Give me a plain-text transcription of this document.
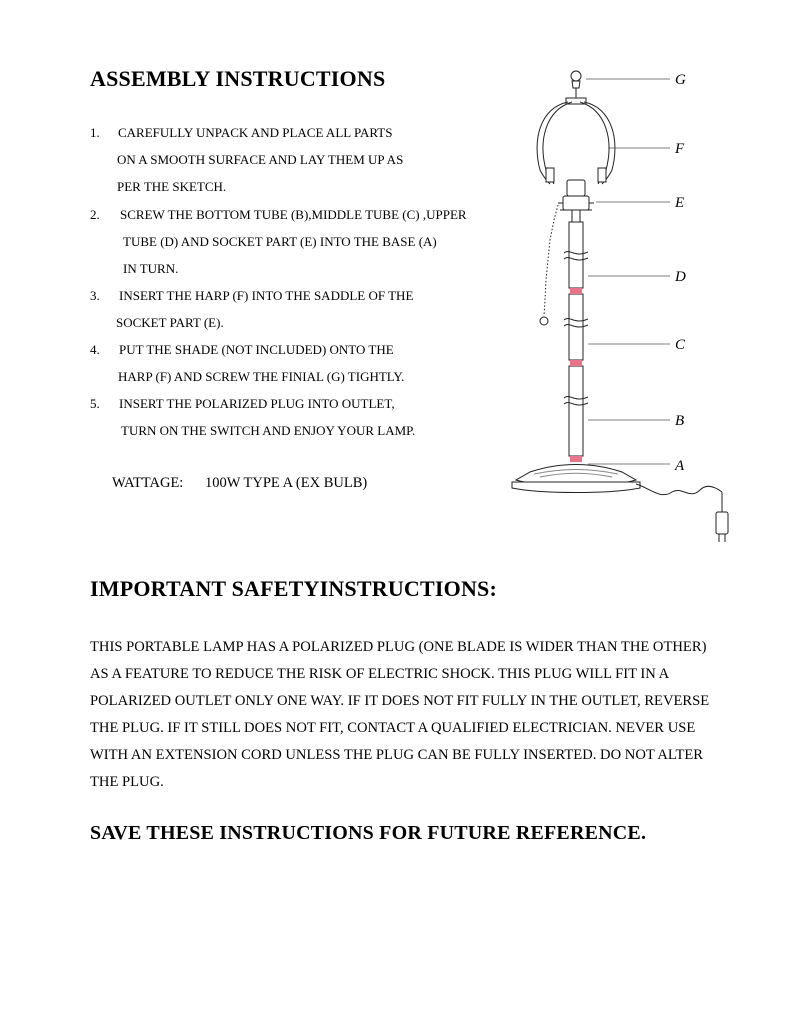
ASSEMBLY INSTRUCTIONS
1.	CAREFULLY UNPACK AND PLACE ALL PARTS
ON A SMOOTH SURFACE AND LAY THEM UP AS
PER THE SKETCH.
2.	SCREW THE BOTTOM TUBE (B),MIDDLE TUBE (C) ,UPPER
TUBE (D) AND SOCKET PART (E) INTO THE BASE (A)
IN TURN.
3.	INSERT THE HARP (F) INTO THE SADDLE OF THE
SOCKET PART (E).
4.	PUT THE SHADE (NOT INCLUDED) ONTO THE
HARP (F) AND SCREW THE FINIAL (G) TIGHTLY.
5.	INSERT THE POLARIZED PLUG INTO OUTLET,
TURN ON THE SWITCH AND ENJOY YOUR LAMP.
WATTAGE: 100W TYPE A (EX BULB)
G
F
E
D
C
B
A
IMPORTANT SAFETYINSTRUCTIONS:
THIS PORTABLE LAMP HAS A POLARIZED PLUG (ONE BLADE IS WIDER THAN THE OTHER)
AS A FEATURE TO REDUCE THE RISK OF ELECTRIC SHOCK. THIS PLUG WILL FIT IN A
POLARIZED OUTLET ONLY ONE WAY. IF IT DOES NOT FIT FULLY IN THE OUTLET, REVERSE
THE PLUG. IF IT STILL DOES NOT FIT, CONTACT A QUALIFIED ELECTRICIAN. NEVER USE
WITH AN EXTENSION CORD UNLESS THE PLUG CAN BE FULLY INSERTED. DO NOT ALTER
THE PLUG.
SAVE THESE INSTRUCTIONS FOR FUTURE REFERENCE.
